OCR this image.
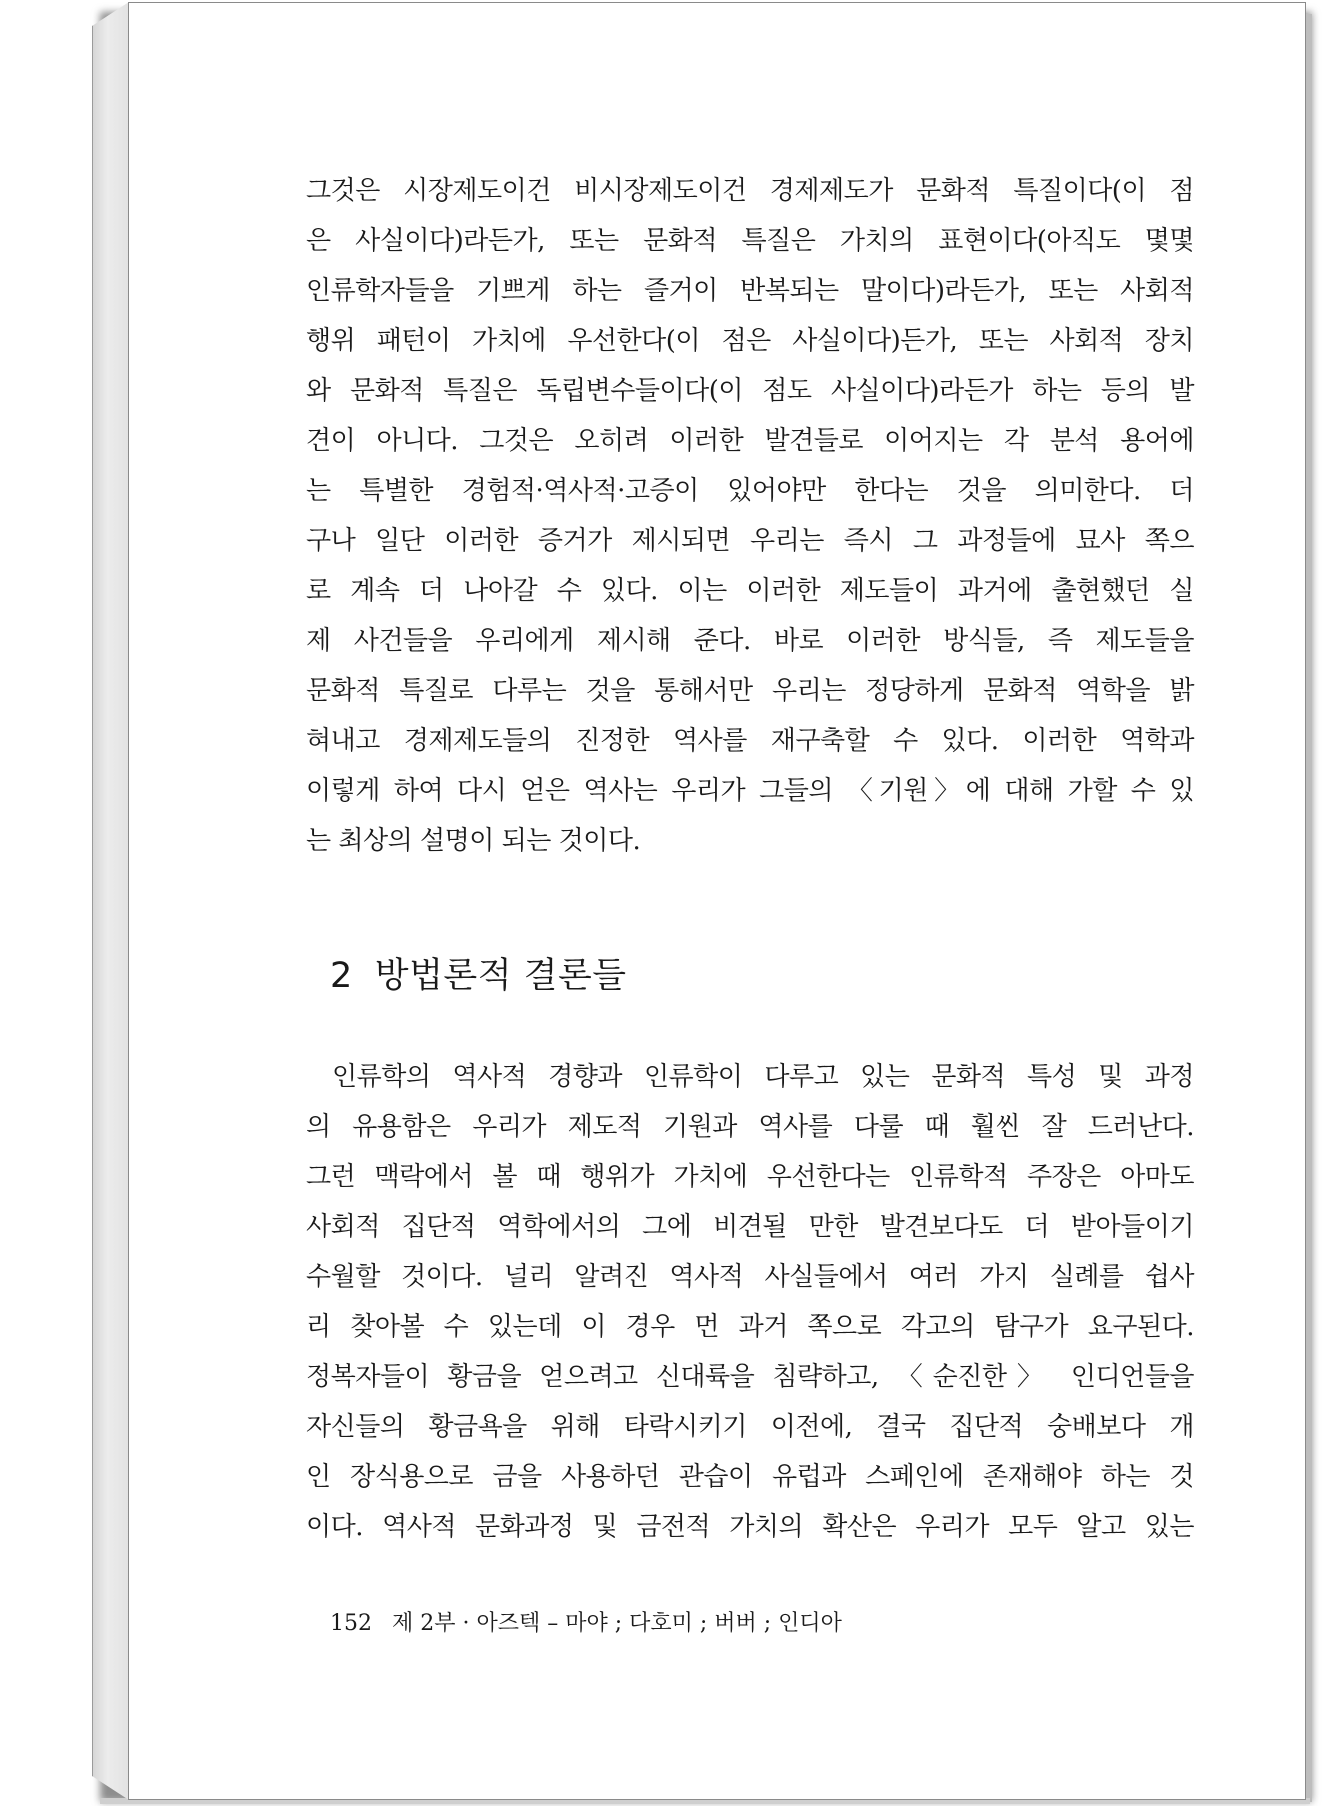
그것은 시장제도이건 비시장제도이건 경제제도가 문화적 특질이다(이 점
은 사실이다)라든가, 또는 문화적 특질은 가치의 표현이다(아직도 몇몇
인류학자들을 기쁘게 하는 즐거이 반복되는 말이다)라든가, 또는 사회적
행위 패턴이 가치에 우선한다(이 점은 사실이다)든가, 또는 사회적 장치
와 문화적 특질은 독립변수들이다(이 점도 사실이다)라든가 하는 등의 발
견이 아니다. 그것은 오히려 이러한 발견들로 이어지는 각 분석 용어에
는 특별한 경험적·역사적·고증이 있어야만 한다는 것을 의미한다. 더
구나 일단 이러한 증거가 제시되면 우리는 즉시 그 과정들에 묘사 쪽으
로 계속 더 나아갈 수 있다. 이는 이러한 제도들이 과거에 출현했던 실
제 사건들을 우리에게 제시해 준다. 바로 이러한 방식들, 즉 제도들을
문화적 특질로 다루는 것을 통해서만 우리는 정당하게 문화적 역학을 밝
혀내고 경제제도들의 진정한 역사를 재구축할 수 있다. 이러한 역학과
이렇게 하여 다시 얻은 역사는 우리가 그들의 〈기원〉에 대해 가할 수 있
는 최상의 설명이 되는 것이다.
2 방법론적 결론들
인류학의 역사적 경향과 인류학이 다루고 있는 문화적 특성 및 과정
의 유용함은 우리가 제도적 기원과 역사를 다룰 때 훨씬 잘 드러난다.
그런 맥락에서 볼 때 행위가 가치에 우선한다는 인류학적 주장은 아마도
사회적 집단적 역학에서의 그에 비견될 만한 발견보다도 더 받아들이기
수월할 것이다. 널리 알려진 역사적 사실들에서 여러 가지 실례를 쉽사
리 찾아볼 수 있는데 이 경우 먼 과거 쪽으로 각고의 탐구가 요구된다.
정복자들이 황금을 얻으려고 신대륙을 침략하고, 〈순진한〉 인디언들을
자신들의 황금욕을 위해 타락시키기 이전에, 결국 집단적 숭배보다 개
인 장식용으로 금을 사용하던 관습이 유럽과 스페인에 존재해야 하는 것
이다. 역사적 문화과정 및 금전적 가치의 확산은 우리가 모두 알고 있는
152 제 2부 · 아즈텍 – 마야 ; 다호미 ; 버버 ; 인디아
